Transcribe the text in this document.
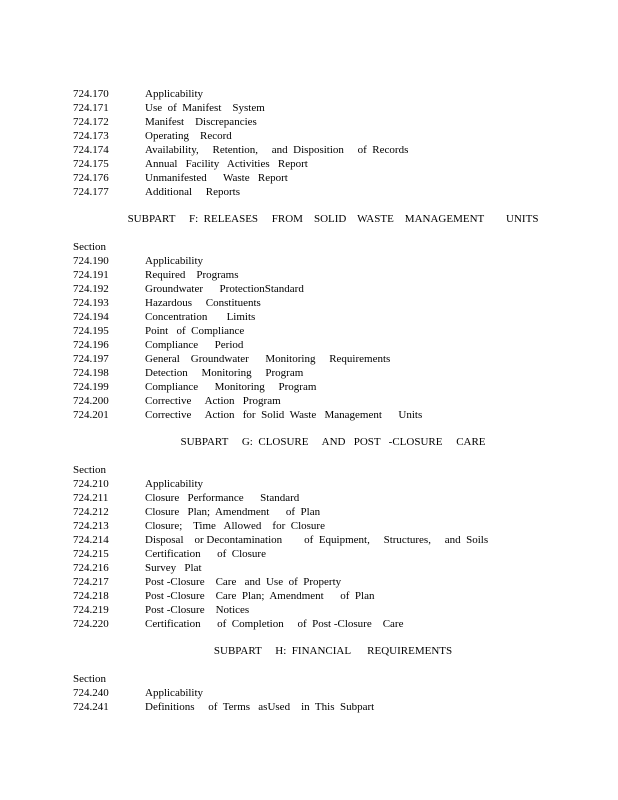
724.170	Applicability
724.171	Use  of  Manifest    System
724.172	Manifest    Discrepancies
724.173	Operating    Record
724.174	Availability,     Retention,     and  Disposition     of  Records
724.175	Annual   Facility   Activities   Report
724.176	Unmanifested      Waste   Report
724.177	Additional     Reports
SUBPART     F:  RELEASES     FROM    SOLID    WASTE    MANAGEMENT        UNITS
Section
724.190	Applicability
724.191	Required    Programs
724.192	Groundwater      ProtectionStandard
724.193	Hazardous     Constituents
724.194	Concentration       Limits
724.195	Point   of  Compliance
724.196	Compliance      Period
724.197	General    Groundwater      Monitoring     Requirements
724.198	Detection     Monitoring     Program
724.199	Compliance      Monitoring     Program
724.200	Corrective     Action   Program
724.201	Corrective     Action   for  Solid  Waste   Management      Units
SUBPART     G:  CLOSURE     AND   POST   -CLOSURE     CARE
Section
724.210	Applicability
724.211	Closure   Performance      Standard
724.212	Closure   Plan;  Amendment      of  Plan
724.213	Closure;    Time   Allowed    for  Closure
724.214	Disposal    or Decontamination        of  Equipment,     Structures,     and  Soils
724.215	Certification      of  Closure
724.216	Survey   Plat
724.217	Post -Closure    Care   and  Use  of  Property
724.218	Post -Closure    Care  Plan;  Amendment      of  Plan
724.219	Post -Closure    Notices
724.220	Certification      of  Completion     of  Post -Closure    Care
SUBPART     H:  FINANCIAL      REQUIREMENTS
Section
724.240	Applicability
724.241	Definitions     of  Terms   asUsed    in  This  Subpart
